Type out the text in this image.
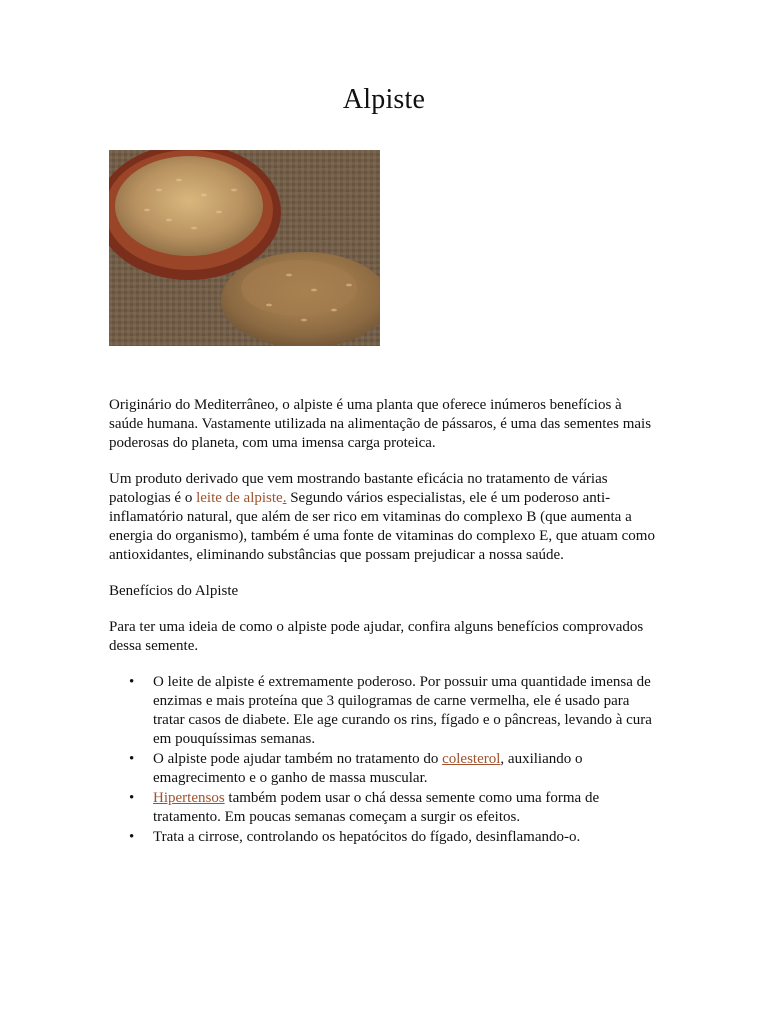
Alpiste

Originário do Mediterrâneo, o alpiste é uma planta que oferece inúmeros benefícios à saúde humana. Vastamente utilizada na alimentação de pássaros, é uma das sementes mais poderosas do planeta, com uma imensa carga proteica.

Um produto derivado que vem mostrando bastante eficácia no tratamento de várias patologias é o leite de alpiste. Segundo vários especialistas, ele é um poderoso anti-inflamatório natural, que além de ser rico em vitaminas do complexo B (que aumenta a energia do organismo), também é uma fonte de vitaminas do complexo E, que atuam como antioxidantes, eliminando substâncias que possam prejudicar a nossa saúde.

Benefícios do Alpiste

Para ter uma ideia de como o alpiste pode ajudar, confira alguns benefícios comprovados dessa semente.

• O leite de alpiste é extremamente poderoso. Por possuir uma quantidade imensa de enzimas e mais proteína que 3 quilogramas de carne vermelha, ele é usado para tratar casos de diabete. Ele age curando os rins, fígado e o pâncreas, levando à cura em pouquíssimas semanas.
• O alpiste pode ajudar também no tratamento do colesterol, auxiliando o emagrecimento e o ganho de massa muscular.
• Hipertensos também podem usar o chá dessa semente como uma forma de tratamento. Em poucas semanas começam a surgir os efeitos.
• Trata a cirrose, controlando os hepatócitos do fígado, desinflamando-o.
